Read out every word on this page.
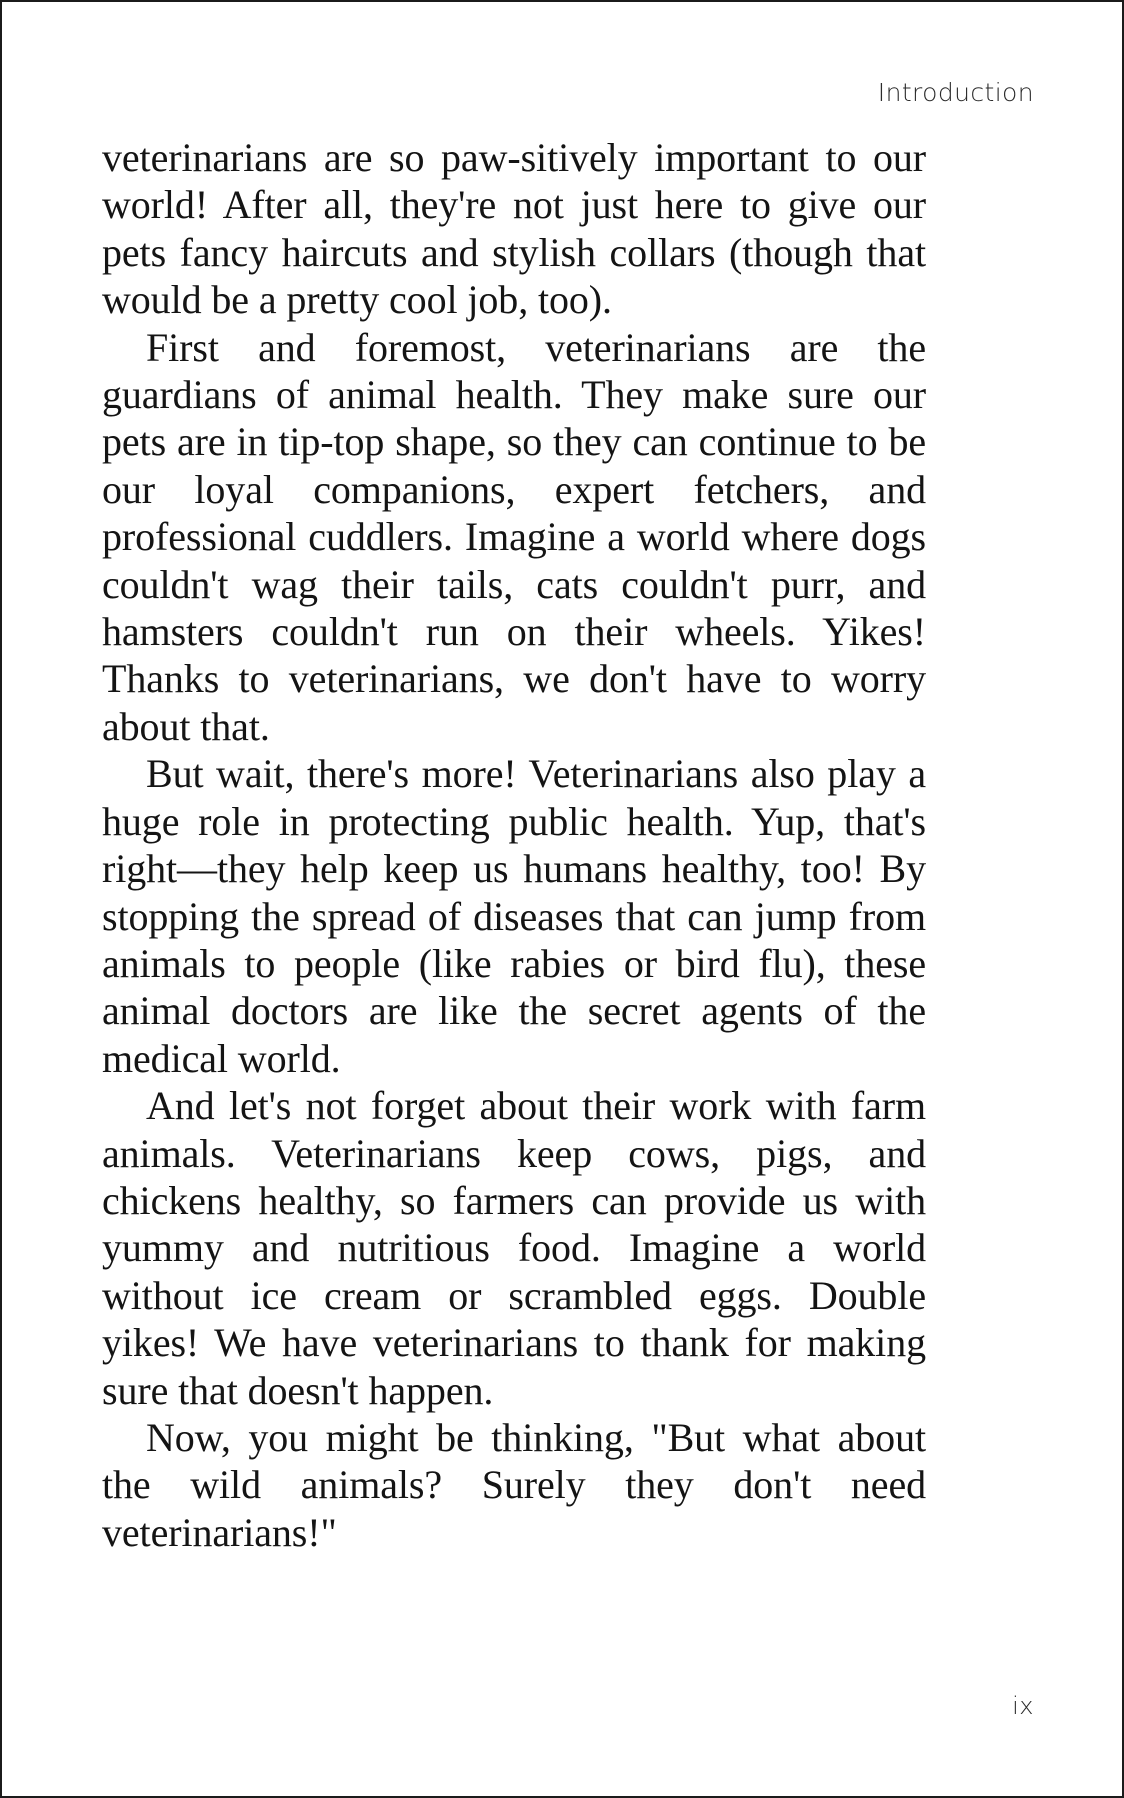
Introduction

veterinarians are so paw-sitively important to our world! After all, they're not just here to give our pets fancy haircuts and stylish collars (though that would be a pretty cool job, too).

First and foremost, veterinarians are the guardians of animal health. They make sure our pets are in tip-top shape, so they can continue to be our loyal companions, expert fetchers, and professional cuddlers. Imagine a world where dogs couldn't wag their tails, cats couldn't purr, and hamsters couldn't run on their wheels. Yikes! Thanks to veterinarians, we don't have to worry about that.

But wait, there's more! Veterinarians also play a huge role in protecting public health. Yup, that's right—they help keep us humans healthy, too! By stopping the spread of diseases that can jump from animals to people (like rabies or bird flu), these animal doctors are like the secret agents of the medical world.

And let's not forget about their work with farm animals. Veterinarians keep cows, pigs, and chickens healthy, so farmers can provide us with yummy and nutritious food. Imagine a world without ice cream or scrambled eggs. Double yikes! We have veterinarians to thank for making sure that doesn't happen.

Now, you might be thinking, "But what about the wild animals? Surely they don't need veterinarians!"

ix
